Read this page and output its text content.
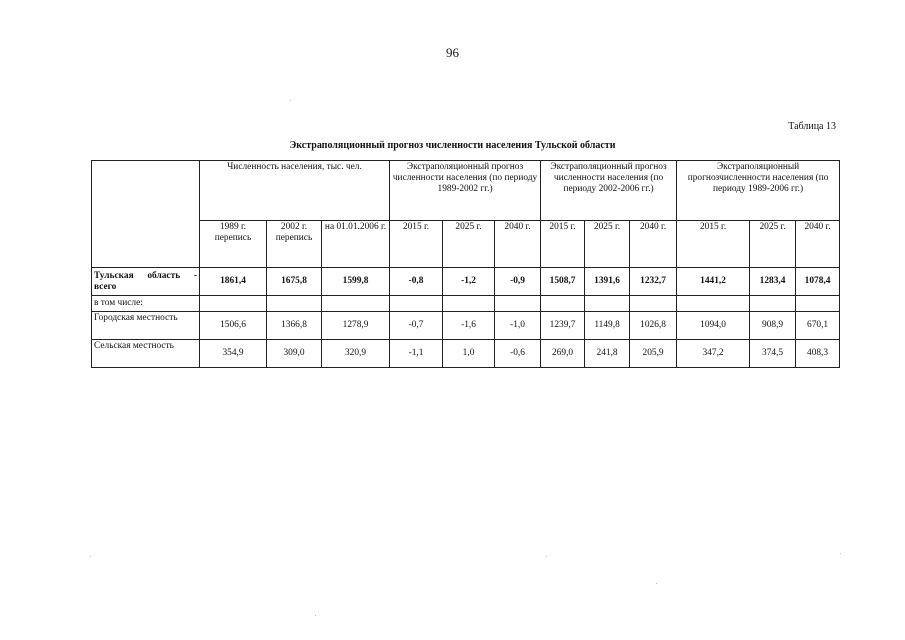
96
Таблица 13
Экстраполяционный прогноз численности населения Тульской области
	Численность населения, тыс. чел.			Экстраполяционный прогноз численности населения (по периоду 1989-2002 гг.)			Экстраполяционный прогноз численности населения (по периоду 2002-2006 гг.)			Экстраполяционный прогнозчисленности населения (по периоду 1989-2006 гг.)		
	1989 г. перепись	2002 г. перепись	на 01.01.2006 г.	2015 г.	2025 г.	2040 г.	2015 г.	2025 г.	2040 г.	2015 г.	2025 г.	2040 г.
Тульская область - всего	1861,4	1675,8	1599,8	-0,8	-1,2	-0,9	1508,7	1391,6	1232,7	1441,2	1283,4	1078,4
в том числе:												
Городская местность	1506,6	1366,8	1278,9	-0,7	-1,6	-1,0	1239,7	1149,8	1026,8	1094,0	908,9	670,1
Сельская местность	354,9	309,0	320,9	-1,1	1,0	-0,6	269,0	241,8	205,9	347,2	374,5	408,3
